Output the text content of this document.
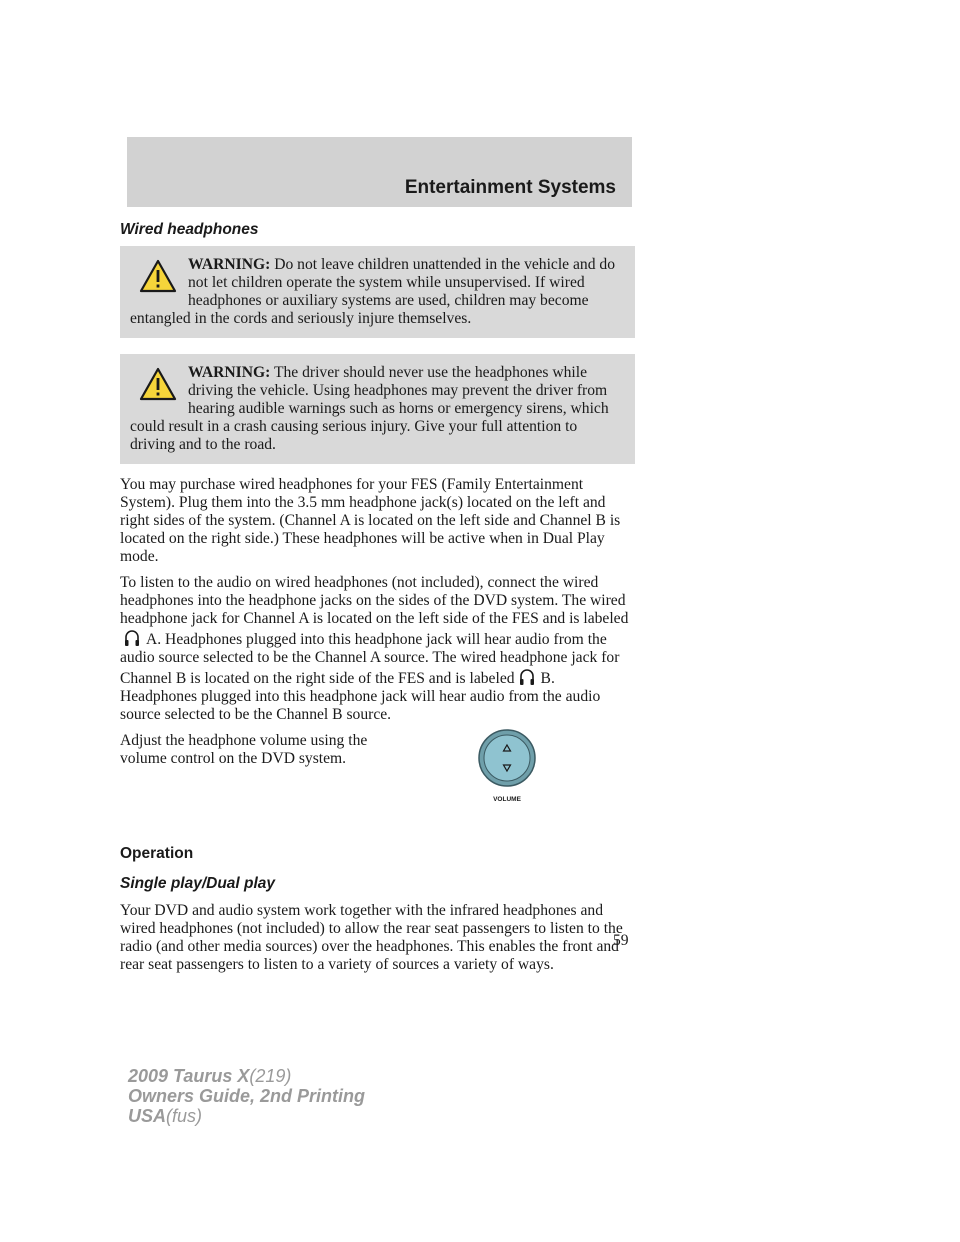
Entertainment Systems
Wired headphones
WARNING: Do not leave children unattended in the vehicle and do not let children operate the system while unsupervised. If wired headphones or auxiliary systems are used, children may become entangled in the cords and seriously injure themselves.
WARNING: The driver should never use the headphones while driving the vehicle. Using headphones may prevent the driver from hearing audible warnings such as horns or emergency sirens, which could result in a crash causing serious injury. Give your full attention to driving and to the road.

You may purchase wired headphones for your FES (Family Entertainment System). Plug them into the 3.5 mm headphone jack(s) located on the left and right sides of the system. (Channel A is located on the left side and Channel B is located on the right side.) These headphones will be active when in Dual Play mode.

To listen to the audio on wired headphones (not included), connect the wired headphones into the headphone jacks on the sides of the DVD system. The wired headphone jack for Channel A is located on the left side of the FES and is labeledA. Headphones plugged into this headphone jack will hear audio from the audio source selected to be the Channel A source. The wired headphone jack for Channel B is located on the right side of the FES and is labeled B. Headphones plugged into this headphone jack will hear audio from the audio source selected to be the Channel B source.

Adjust the headphone volume using the volume control on the DVD system.

VOLUME
Operation
Single play/Dual play

Your DVD and audio system work together with the infrared headphones and wired headphones (not included) to allow the rear seat passengers to listen to the radio (and other media sources) over the headphones. This enables the front and rear seat passengers to listen to a variety of sources a variety of ways.

59
2009 Taurus X(219)
Owners Guide, 2nd Printing
USA(fus)
